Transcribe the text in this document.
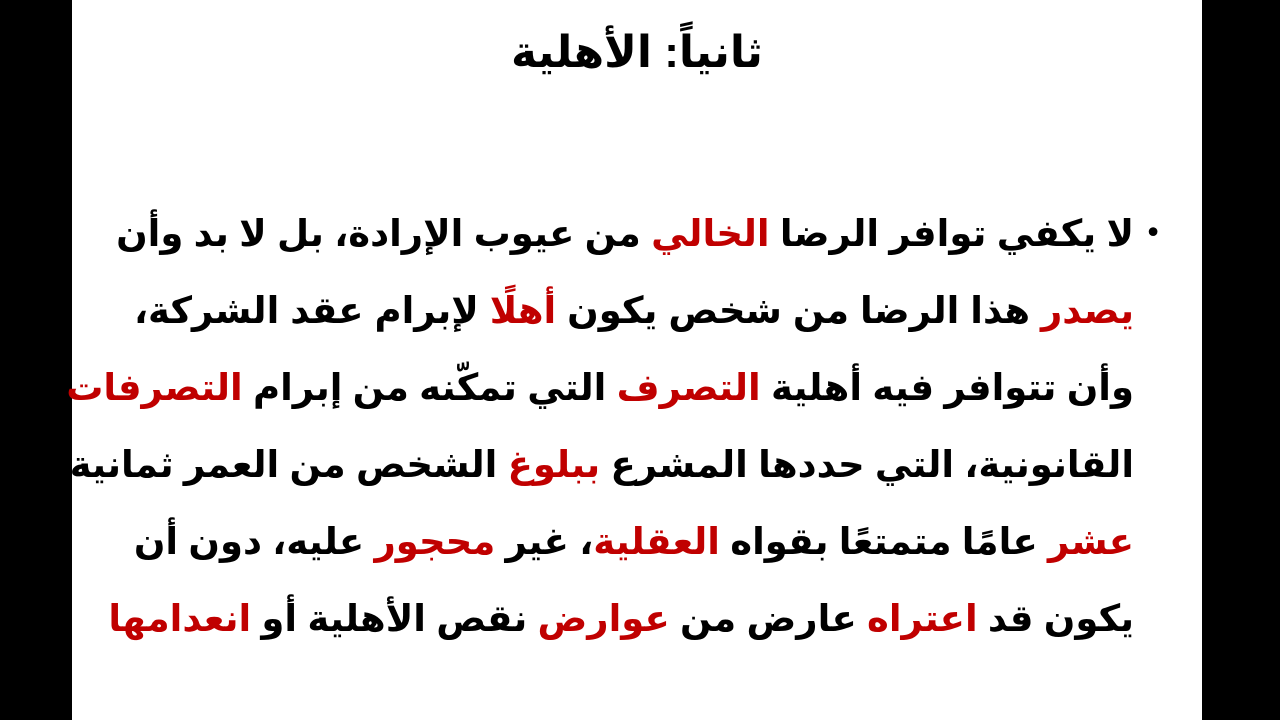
ثانياً: الأهلية
•
لا يكفي توافر الرضا الخالي من عيوب الإرادة، بل لا بد وأن
يصدر هذا الرضا من شخص يكون أهلًا لإبرام عقد الشركة،
وأن تتوافر فيه أهلية التصرف التي تمكّنه من إبرام التصرفات
القانونية، التي حددها المشرع ببلوغ الشخص من العمر ثمانية
عشر عامًا متمتعًا بقواه العقلية، غير محجور عليه، دون أن
يكون قد اعتراه عارض من عوارض نقص الأهلية أو انعدامها
